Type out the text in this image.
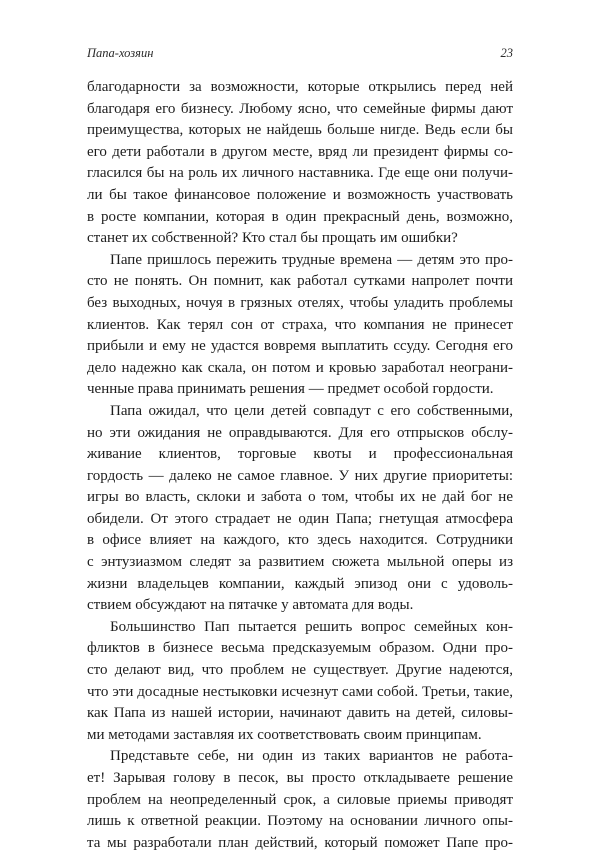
Папа-хозяин	23
благодарности за возможности, которые открылись перед ней
благодаря его бизнесу. Любому ясно, что семейные фирмы дают
преимущества, которых не найдешь больше нигде. Ведь если бы
его дети работали в другом месте, вряд ли президент фирмы со-
гласился бы на роль их личного наставника. Где еще они получи-
ли бы такое финансовое положение и возможность участвовать
в росте компании, которая в один прекрасный день, возможно,
станет их собственной? Кто стал бы прощать им ошибки?
Папе пришлось пережить трудные времена — детям это про-
сто не понять. Он помнит, как работал сутками напролет почти
без выходных, ночуя в грязных отелях, чтобы уладить проблемы
клиентов. Как терял сон от страха, что компания не принесет
прибыли и ему не удастся вовремя выплатить ссуду. Сегодня его
дело надежно как скала, он потом и кровью заработал неограни-
ченные права принимать решения — предмет особой гордости.
Папа ожидал, что цели детей совпадут с его собственными,
но эти ожидания не оправдываются. Для его отпрысков обслу-
живание клиентов, торговые квоты и профессиональная
гордость — далеко не самое главное. У них другие приоритеты:
игры во власть, склоки и забота о том, чтобы их не дай бог не
обидели. От этого страдает не один Папа; гнетущая атмосфера
в офисе влияет на каждого, кто здесь находится. Сотрудники
с энтузиазмом следят за развитием сюжета мыльной оперы из
жизни владельцев компании, каждый эпизод они с удоволь-
ствием обсуждают на пятачке у автомата для воды.
Большинство Пап пытается решить вопрос семейных кон-
фликтов в бизнесе весьма предсказуемым образом. Одни про-
сто делают вид, что проблем не существует. Другие надеются,
что эти досадные нестыковки исчезнут сами собой. Третьи, такие,
как Папа из нашей истории, начинают давить на детей, силовы-
ми методами заставляя их соответствовать своим принципам.
Представьте себе, ни один из таких вариантов не работа-
ет! Зарывая голову в песок, вы просто откладываете решение
проблем на неопределенный срок, а силовые приемы приводят
лишь к ответной реакции. Поэтому на основании личного опы-
та мы разработали план действий, который поможет Папе про-
